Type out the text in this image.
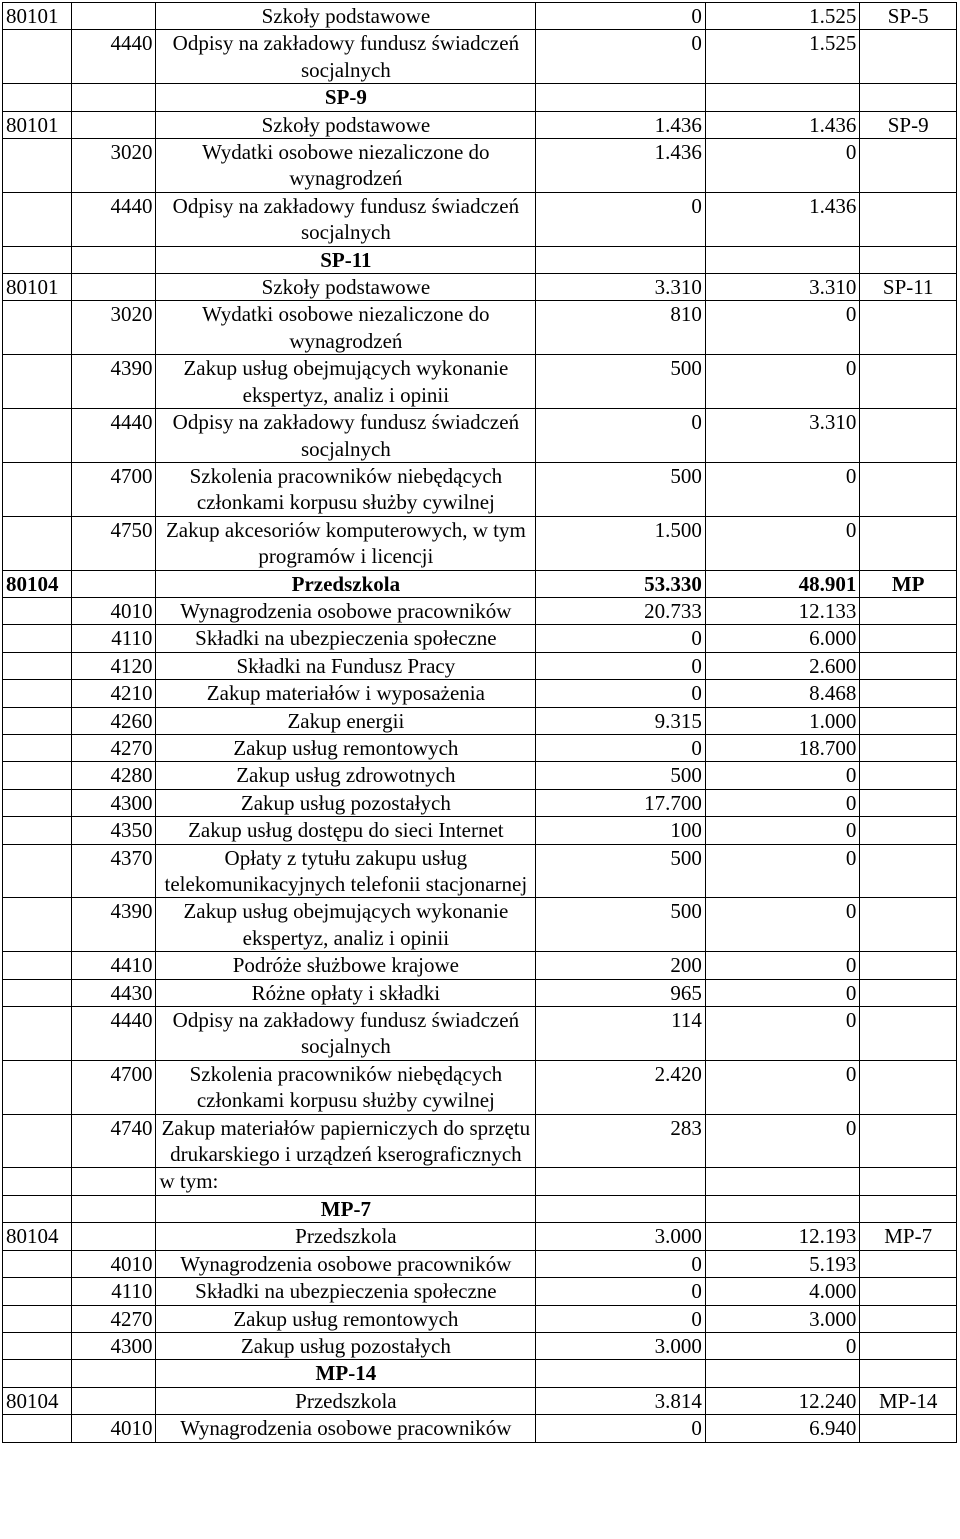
80101		Szkoły podstawowe	0	1.525	SP-5
	4440	Odpisy na zakładowy fundusz świadczeń socjalnych	0	1.525	
		SP-9			
80101		Szkoły podstawowe	1.436	1.436	SP-9
	3020	Wydatki osobowe niezaliczone do wynagrodzeń	1.436	0	
	4440	Odpisy na zakładowy fundusz świadczeń socjalnych	0	1.436	
		SP-11			
80101		Szkoły podstawowe	3.310	3.310	SP-11
	3020	Wydatki osobowe niezaliczone do wynagrodzeń	810	0	
	4390	Zakup usług obejmujących wykonanie ekspertyz, analiz i opinii	500	0	
	4440	Odpisy na zakładowy fundusz świadczeń socjalnych	0	3.310	
	4700	Szkolenia pracowników niebędących członkami korpusu służby cywilnej	500	0	
	4750	Zakup akcesoriów komputerowych, w tym programów i licencji	1.500	0	
80104		Przedszkola	53.330	48.901	MP
	4010	Wynagrodzenia osobowe pracowników	20.733	12.133	
	4110	Składki na ubezpieczenia społeczne	0	6.000	
	4120	Składki na Fundusz Pracy	0	2.600	
	4210	Zakup materiałów i wyposażenia	0	8.468	
	4260	Zakup energii	9.315	1.000	
	4270	Zakup usług remontowych	0	18.700	
	4280	Zakup usług zdrowotnych	500	0	
	4300	Zakup usług pozostałych	17.700	0	
	4350	Zakup usług dostępu do sieci Internet	100	0	
	4370	Opłaty z tytułu zakupu usług telekomunikacyjnych telefonii stacjonarnej	500	0	
	4390	Zakup usług obejmujących wykonanie ekspertyz, analiz i opinii	500	0	
	4410	Podróże służbowe krajowe	200	0	
	4430	Różne opłaty i składki	965	0	
	4440	Odpisy na zakładowy fundusz świadczeń socjalnych	114	0	
	4700	Szkolenia pracowników niebędących członkami korpusu służby cywilnej	2.420	0	
	4740	Zakup materiałów papierniczych do sprzętu drukarskiego i urządzeń kserograficznych	283	0	
		w tym:			
		MP-7			
80104		Przedszkola	3.000	12.193	MP-7
	4010	Wynagrodzenia osobowe pracowników	0	5.193	
	4110	Składki na ubezpieczenia społeczne	0	4.000	
	4270	Zakup usług remontowych	0	3.000	
	4300	Zakup usług pozostałych	3.000	0	
		MP-14			
80104		Przedszkola	3.814	12.240	MP-14
	4010	Wynagrodzenia osobowe pracowników	0	6.940	
